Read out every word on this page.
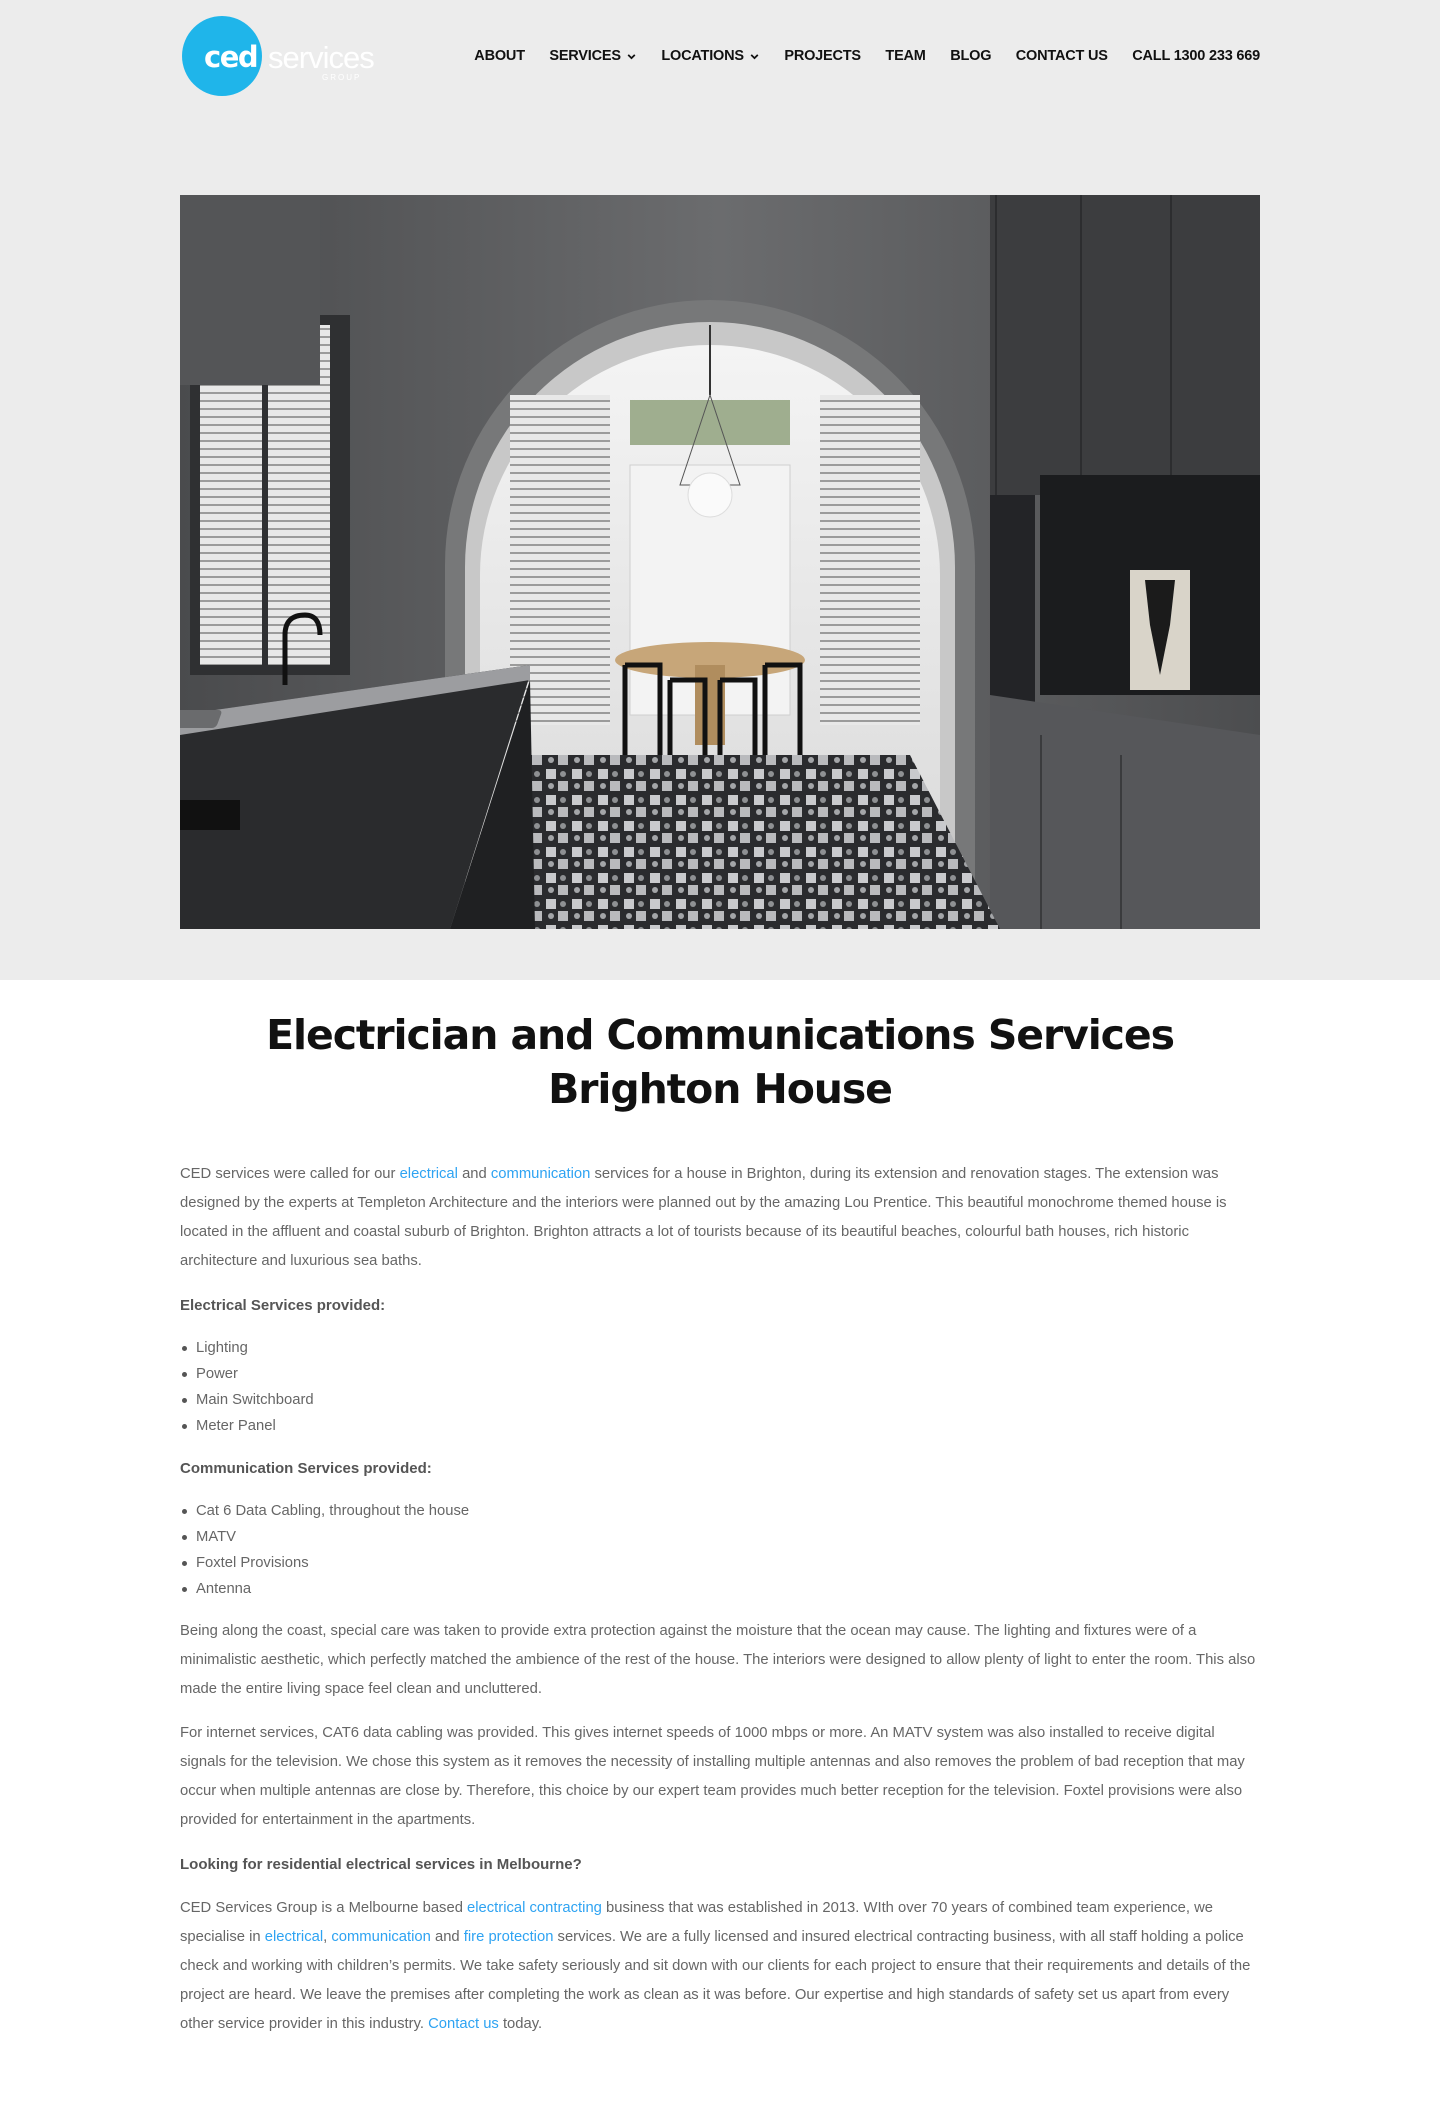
ced services
GROUP
ABOUT SERVICES	LOCATIONS	PROJECTS TEAM BLOG CONTACT US CALL 1300 233 669
Electrician and Communications Services Brighton House

CED services were called for our electrical and communication services for a house in Brighton, during its extension and renovation stages. The extension was designed by the experts at Templeton Architecture and the interiors were planned out by the amazing Lou Prentice. This beautiful monochrome themed house is located in the affluent and coastal suburb of Brighton. Brighton attracts a lot of tourists because of its beautiful beaches, colourful bath houses, rich historic architecture and luxurious sea baths.

Electrical Services provided:

Lighting
Power
Main Switchboard
Meter Panel

Communication Services provided:

Cat 6 Data Cabling, throughout the house
MATV
Foxtel Provisions
Antenna

Being along the coast, special care was taken to provide extra protection against the moisture that the ocean may cause. The lighting and fixtures were of a minimalistic aesthetic, which perfectly matched the ambience of the rest of the house. The interiors were designed to allow plenty of light to enter the room. This also made the entire living space feel clean and uncluttered.

For internet services, CAT6 data cabling was provided. This gives internet speeds of 1000 mbps or more. An MATV system was also installed to receive digital signals for the television. We chose this system as it removes the necessity of installing multiple antennas and also removes the problem of bad reception that may occur when multiple antennas are close by. Therefore, this choice by our expert team provides much better reception for the television. Foxtel provisions were also provided for entertainment in the apartments.

Looking for residential electrical services in Melbourne?

CED Services Group is a Melbourne based electrical contracting business that was established in 2013. WIth over 70 years of combined team experience, we specialise in electrical, communication and fire protection services. We are a fully licensed and insured electrical contracting business, with all staff holding a police check and working with children’s permits. We take safety seriously and sit down with our clients for each project to ensure that their requirements and details of the project are heard. We leave the premises after completing the work as clean as it was before. Our expertise and high standards of safety set us apart from every other service provider in this industry. Contact us today.
